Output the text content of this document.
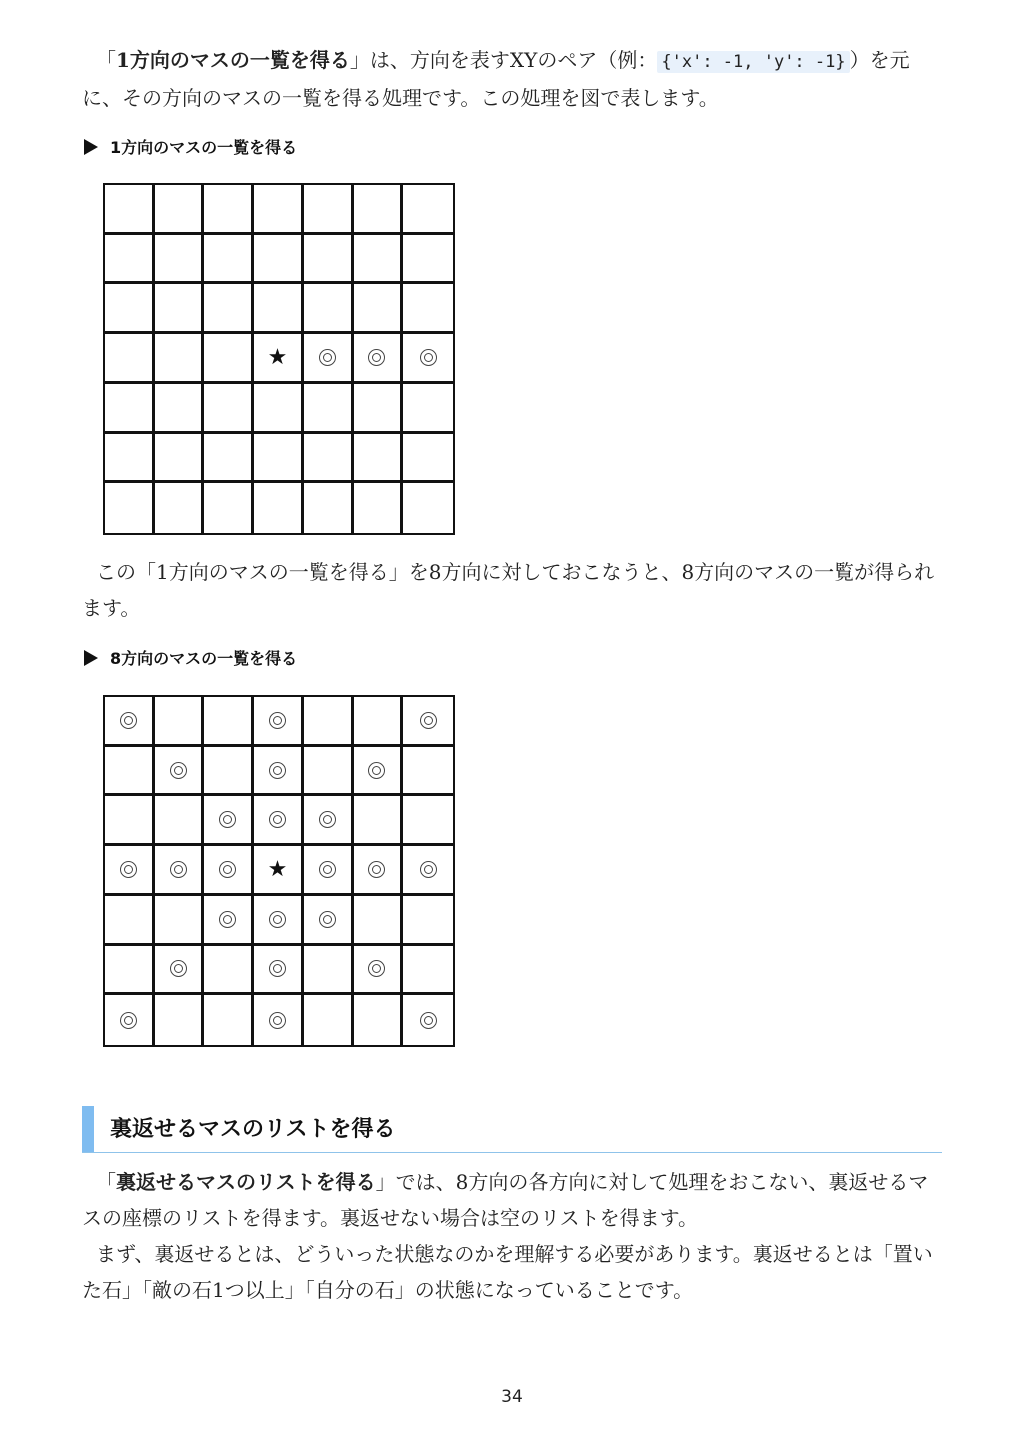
「1方向のマスの一覧を得る」は、方向を表すXYのペア（例： {'x': -1, 'y': -1} ）を元に、その方向のマスの一覧を得る処理です。この処理を図で表します。

1方向のマスの一覧を得る
★

この「1方向のマスの一覧を得る」を8方向に対しておこなうと、8方向のマスの一覧が得られます。

8方向のマスの一覧を得る
★
裏返せるマスのリストを得る

「裏返せるマスのリストを得る」では、8方向の各方向に対して処理をおこない、裏返せるマスの座標のリストを得ます。裏返せない場合は空のリストを得ます。

まず、裏返せるとは、どういった状態なのかを理解する必要があります。裏返せるとは「置いた石」「敵の石1つ以上」「自分の石」の状態になっていることです。

34
